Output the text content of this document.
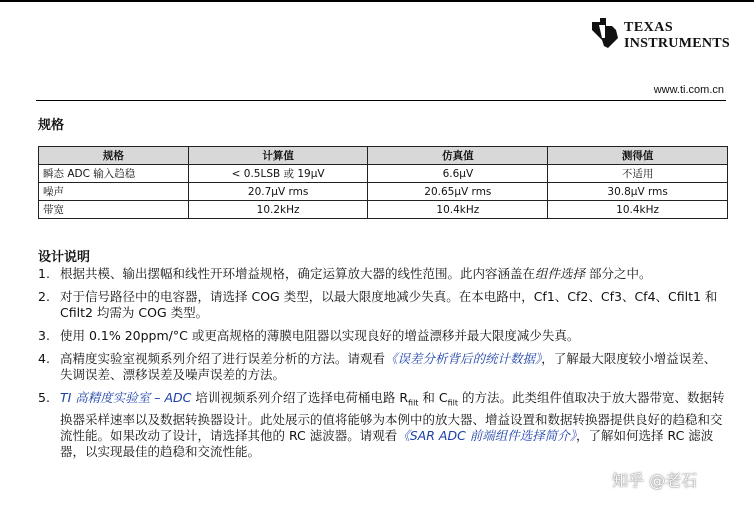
TEXAS
INSTRUMENTS
www.ti.com.cn
规格
规格	计算值	仿真值	测得值
瞬态 ADC 输入趋稳	< 0.5LSB 或 19μV	6.6μV	不适用
噪声	20.7μV rms	20.65μV rms	30.8μV rms
带宽	10.2kHz	10.4kHz	10.4kHz
设计说明
1. 根据共模、输出摆幅和线性开环增益规格，确定运算放大器的线性范围。此内容涵盖在组件选择 部分之中。
2. 对于信号路径中的电容器，请选择 COG 类型，以最大限度地减少失真。在本电路中，Cf1、Cf2、Cf3、Cf4、Cfilt1 和 Cfilt2 均需为 COG 类型。
3. 使用 0.1% 20ppm/°C 或更高规格的薄膜电阻器以实现良好的增益漂移并最大限度减少失真。
4. 高精度实验室视频系列介绍了进行误差分析的方法。请观看《误差分析背后的统计数据》，了解最大限度较小增益误差、失调误差、漂移误差及噪声误差的方法。
5. TI 高精度实验室 – ADC 培训视频系列介绍了选择电荷桶电路 $R_{filt}$ 和 $C_{filt}$ 的方法。此类组件值取决于放大器带宽、数据转换器采样速率以及数据转换器设计。此处展示的值将能够为本例中的放大器、增益设置和数据转换器提供良好的趋稳和交流性能。如果改动了设计，请选择其他的 RC 滤波器。请观看《SAR ADC 前端组件选择简介》，了解如何选择 RC 滤波器，以实现最佳的趋稳和交流性能。
知乎 @老石
